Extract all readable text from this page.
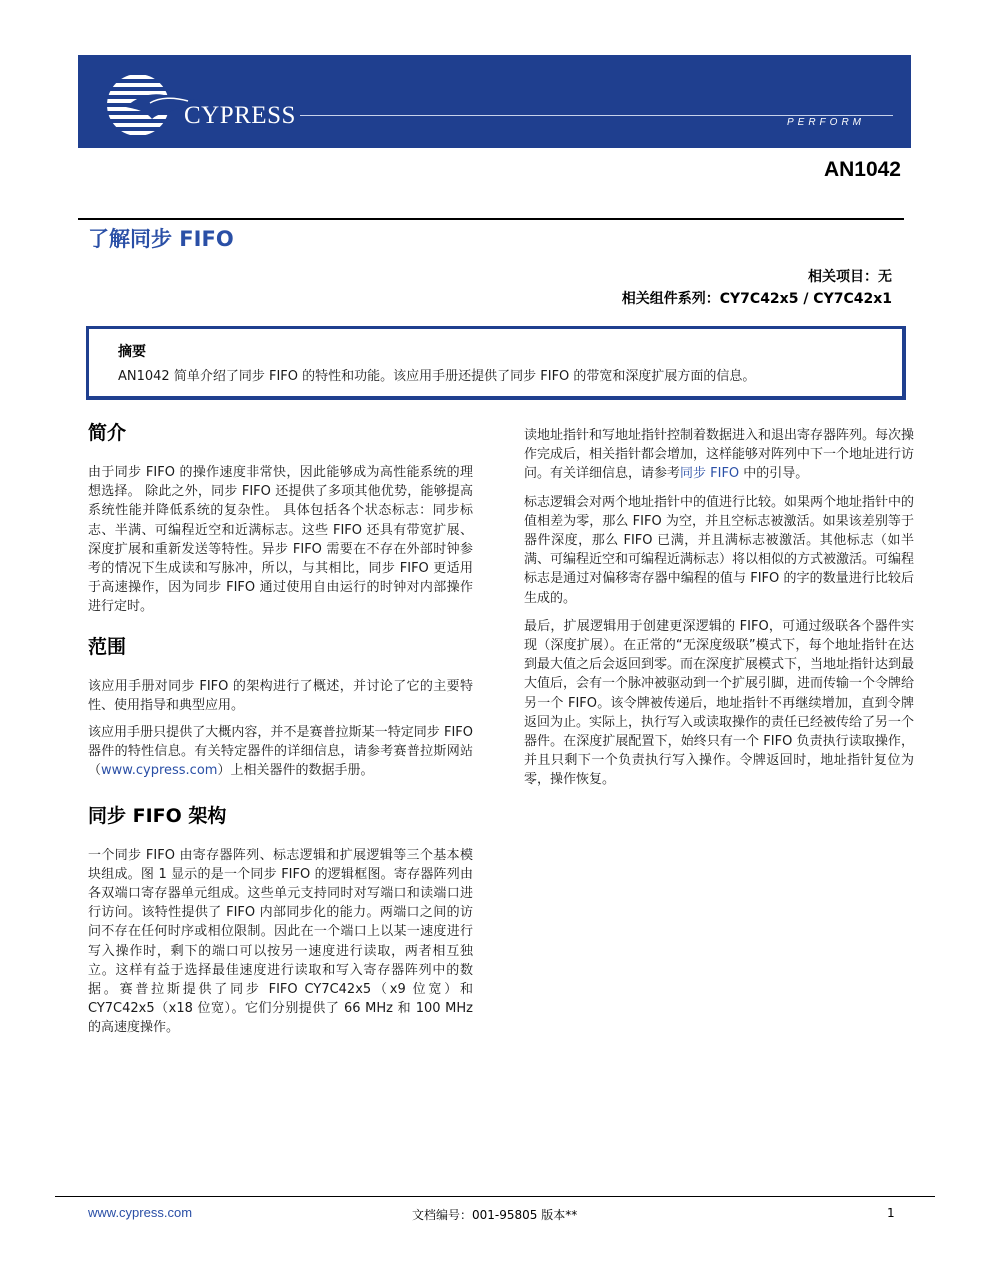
CYPRESS	PERFORM
AN1042
了解同步 FIFO
相关项目：无
相关组件系列：CY7C42x5 / CY7C42x1
摘要
AN1042 简单介绍了同步 FIFO 的特性和功能。该应用手册还提供了同步 FIFO 的带宽和深度扩展方面的信息。
简介

由于同步 FIFO 的操作速度非常快，因此能够成为高性能系统的理想选择。 除此之外，同步 FIFO 还提供了多项其他优势，能够提高系统性能并降低系统的复杂性。 具体包括各个状态标志：同步标志、半满、可编程近空和近满标志。这些 FIFO 还具有带宽扩展、深度扩展和重新发送等特性。异步 FIFO 需要在不存在外部时钟参考的情况下生成读和写脉冲，所以，与其相比，同步 FIFO 更适用于高速操作，因为同步 FIFO 通过使用自由运行的时钟对内部操作进行定时。

范围

该应用手册对同步 FIFO 的架构进行了概述，并讨论了它的主要特性、使用指导和典型应用。

该应用手册只提供了大概内容，并不是赛普拉斯某一特定同步 FIFO 器件的特性信息。有关特定器件的详细信息，请参考赛普拉斯网站（www.cypress.com）上相关器件的数据手册。

同步 FIFO 架构

一个同步 FIFO 由寄存器阵列、标志逻辑和扩展逻辑等三个基本模块组成。图 1 显示的是一个同步 FIFO 的逻辑框图。寄存器阵列由各双端口寄存器单元组成。这些单元支持同时对写端口和读端口进行访问。该特性提供了 FIFO 内部同步化的能力。两端口之间的访问不存在任何时序或相位限制。因此在一个端口上以某一速度进行写入操作时，剩下的端口可以按另一速度进行读取，两者相互独立。这样有益于选择最佳速度进行读取和写入寄存器阵列中的数据。赛普拉斯提供了同步 FIFO CY7C42x5（x9 位宽）和 CY7C42x5（x18 位宽）。它们分别提供了 66 MHz 和 100 MHz 的高速度操作。

读地址指针和写地址指针控制着数据进入和退出寄存器阵列。每次操作完成后，相关指针都会增加，这样能够对阵列中下一个地址进行访问。有关详细信息，请参考同步 FIFO 中的引导。

标志逻辑会对两个地址指针中的值进行比较。如果两个地址指针中的值相差为零，那么 FIFO 为空，并且空标志被激活。如果该差别等于器件深度，那么 FIFO 已满，并且满标志被激活。其他标志（如半满、可编程近空和可编程近满标志）将以相似的方式被激活。可编程标志是通过对偏移寄存器中编程的值与 FIFO 的字的数量进行比较后生成的。

最后，扩展逻辑用于创建更深逻辑的 FIFO，可通过级联各个器件实现（深度扩展）。在正常的“无深度级联”模式下，每个地址指针在达到最大值之后会返回到零。而在深度扩展模式下，当地址指针达到最大值后，会有一个脉冲被驱动到一个扩展引脚，进而传输一个令牌给另一个 FIFO。该令牌被传递后，地址指针不再继续增加，直到令牌返回为止。实际上，执行写入或读取操作的责任已经被传给了另一个器件。在深度扩展配置下，始终只有一个 FIFO 负责执行读取操作，并且只剩下一个负责执行写入操作。令牌返回时，地址指针复位为零，操作恢复。

www.cypress.com	文档编号：001-95805 版本**	1
